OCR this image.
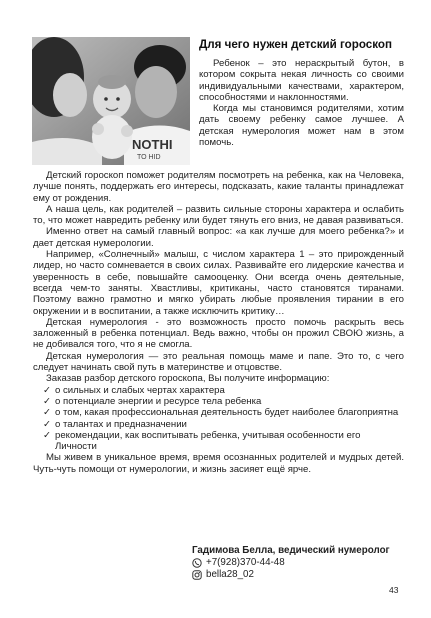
NOTHI
TO HID
Для чего нужен детский гороскоп

Ребенок – это нераскрытый бутон, в котором сокрыта некая личность со своими индивидуальными качествами, характером, способностями и наклонностями.

Когда мы становимся родителями, хотим дать своему ребенку самое лучшее. А детская нумерология может нам в этом помочь.

Детский гороскоп поможет родителям посмотреть на ребенка, как на Человека, лучше понять, поддержать его интересы, подсказать, какие таланты принадлежат ему от рождения.

А наша цель, как родителей – развить сильные стороны характера и ослабить то, что может навредить ребенку или будет тянуть его вниз, не давая развиваться.

Именно ответ на самый главный вопрос: «а как лучше для моего ребенка?» и дает детская нумерологии.

Например, «Солнечный» малыш, с числом характера 1 – это прирожденный лидер, но часто сомневается в своих силах. Развивайте его лидерские качества и уверенность в себе, повышайте самооценку. Они всегда очень деятельные, всегда чем-то заняты. Хвастливы, критиканы, часто становятся тиранами. Поэтому важно грамотно и мягко убирать любые проявления тирании в его окружении и в воспитании, а также исключить критику…

Детская нумерология - это возможность просто помочь раскрыть весь заложенный в ребенка потенциал. Ведь важно, чтобы он прожил СВОЮ жизнь, а не добивался того, что я не смогла.

Детская нумерология — это реальная помощь маме и папе. Это то, с чего следует начинать свой путь в материнстве и отцовстве.

Заказав разбор детского гороскопа, Вы получите информацию:

✓ о сильных и слабых чертах характера
✓ о потенциале энергии и ресурсе тела ребенка
✓ о том, какая профессиональная деятельность будет наиболее благоприятна
✓ о талантах и предназначении
✓ рекомендации, как воспитывать ребенка, учитывая особенности его Личности

Мы живем в уникальное время, время осознанных родителей и мудрых детей. Чуть-чуть помощи от нумерологии, и жизнь засияет ещё ярче.

Гадимова Белла, ведический нумеролог
+7(928)370-44-48
bella28_02
43
